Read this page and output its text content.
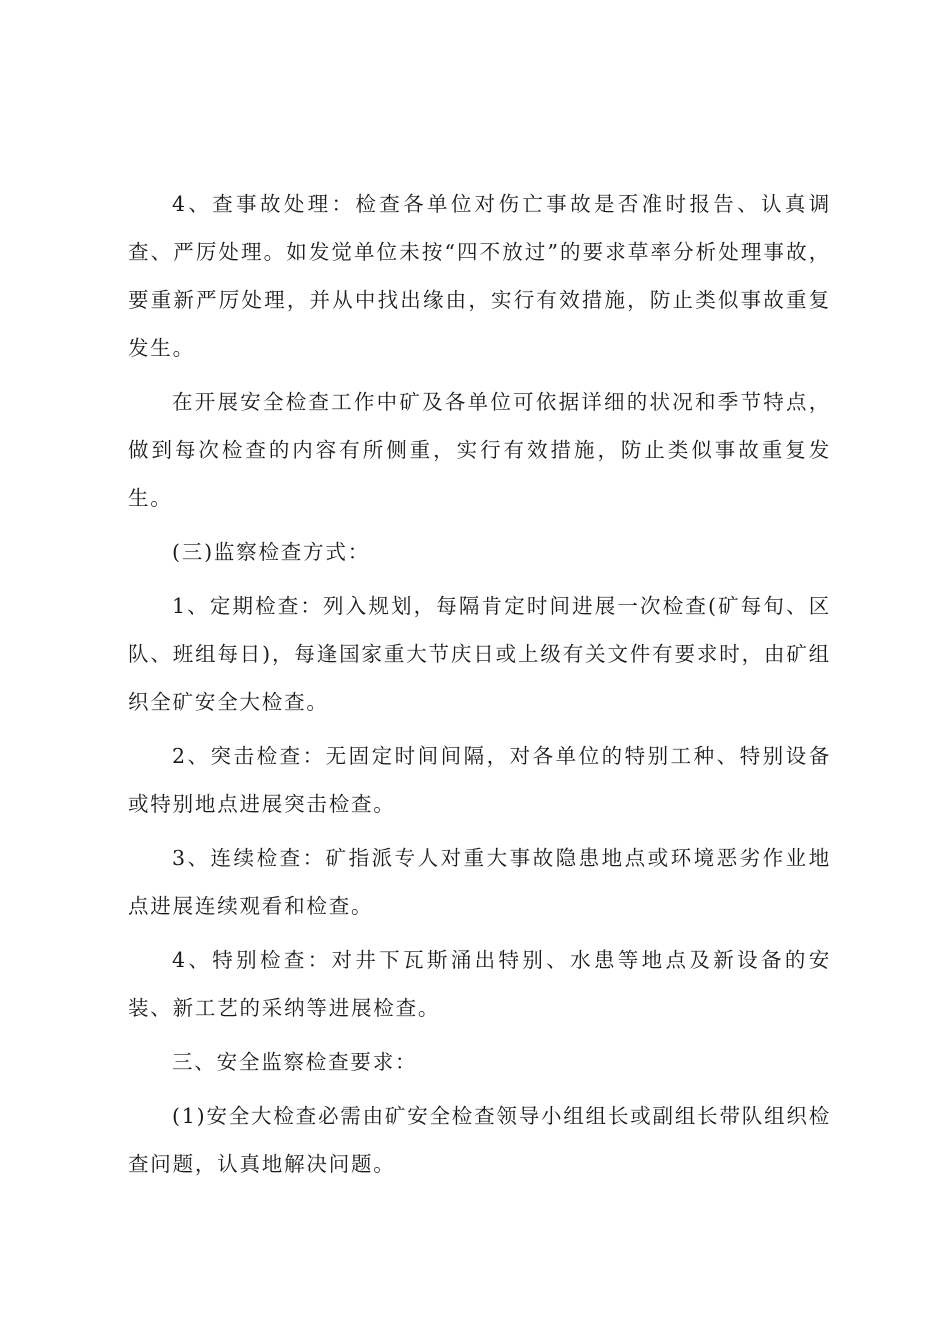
4、查事故处理：检查各单位对伤亡事故是否准时报告、认真调查、严厉处理。如发觉单位未按“四不放过”的要求草率分析处理事故，要重新严厉处理，并从中找出缘由，实行有效措施，防止类似事故重复发生。

在开展安全检查工作中矿及各单位可依据详细的状况和季节特点，做到每次检查的内容有所侧重，实行有效措施，防止类似事故重复发生。

(三)监察检查方式：

1、定期检查：列入规划，每隔肯定时间进展一次检查(矿每旬、区队、班组每日)，每逢国家重大节庆日或上级有关文件有要求时，由矿组织全矿安全大检查。

2、突击检查：无固定时间间隔，对各单位的特别工种、特别设备或特别地点进展突击检查。

3、连续检查：矿指派专人对重大事故隐患地点或环境恶劣作业地点进展连续观看和检查。

4、特别检查：对井下瓦斯涌出特别、水患等地点及新设备的安装、新工艺的采纳等进展检查。

三、安全监察检查要求：

(1)安全大检查必需由矿安全检查领导小组组长或副组长带队组织检查问题，认真地解决问题。
